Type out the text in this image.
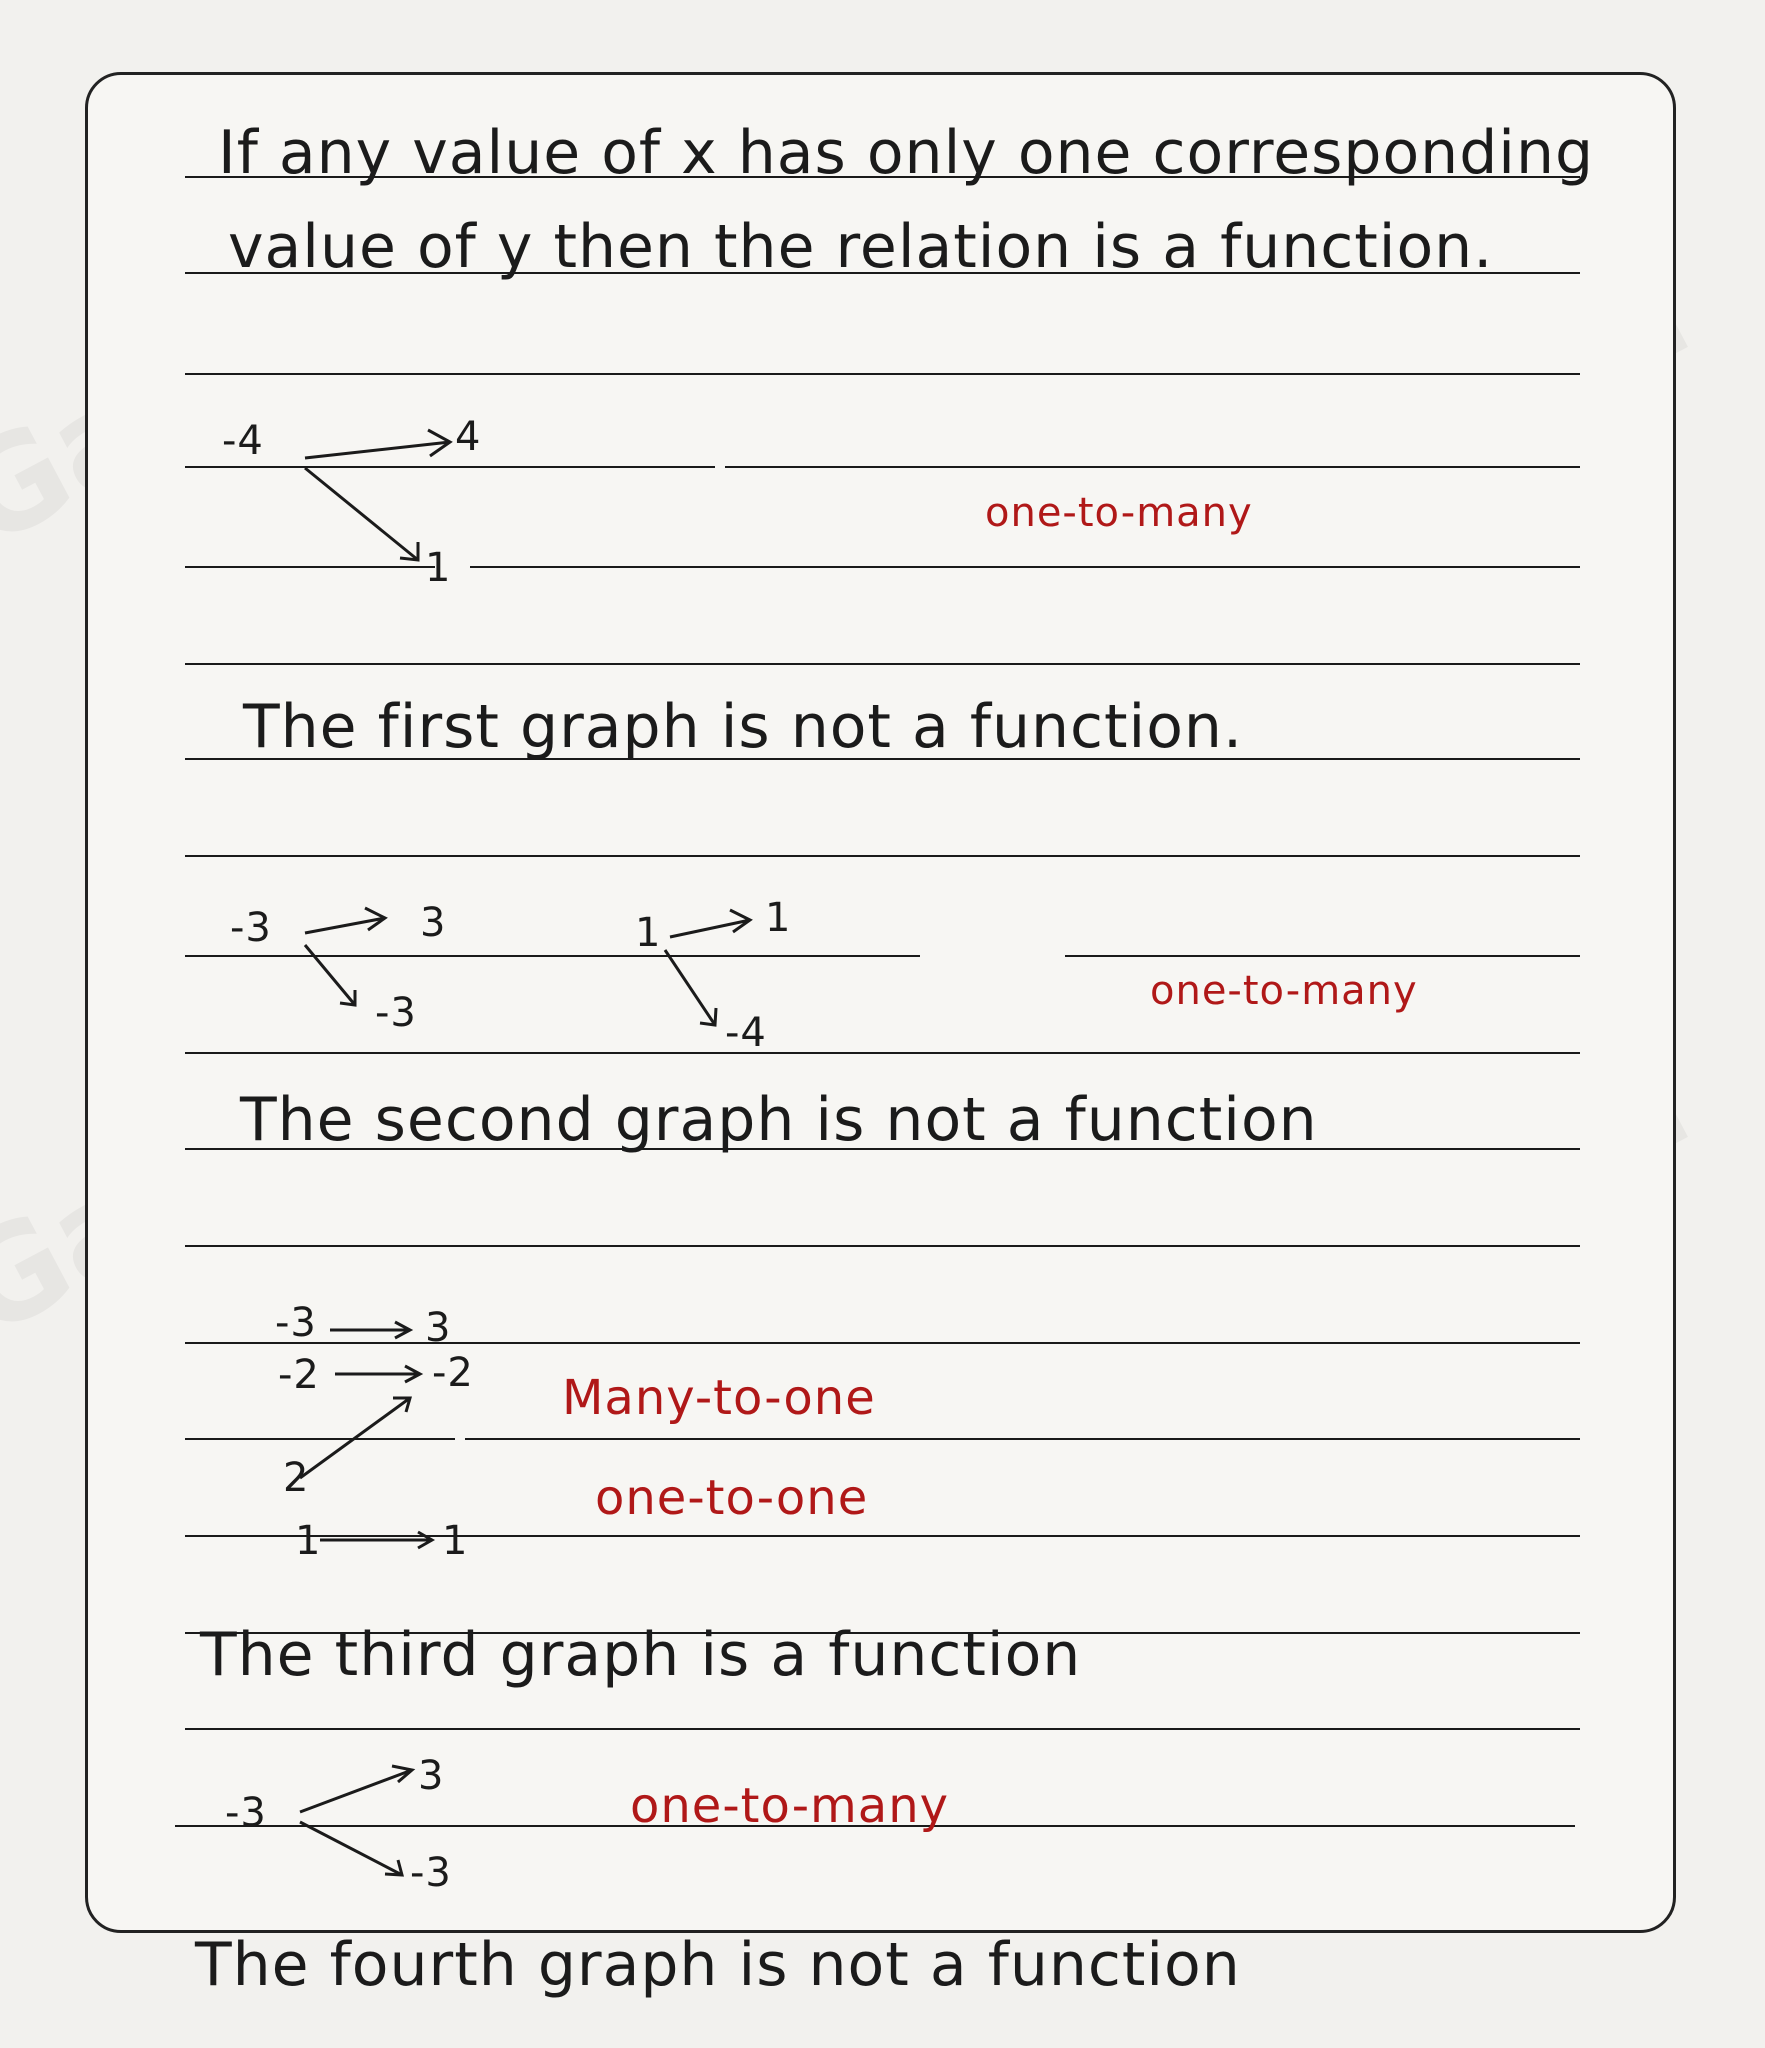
If any value of x has only one corresponding
value of y then the relation is a function.
-4	4
1
one-to-many
The first graph is not a function.
-3	3
-3
1	1
-4
one-to-many
The second graph is not a function
-3	3
-2	-2
2
1	1
Many-to-one
one-to-one
The third graph is a function
-3
3
-3
one-to-many
The fourth graph is not a function
